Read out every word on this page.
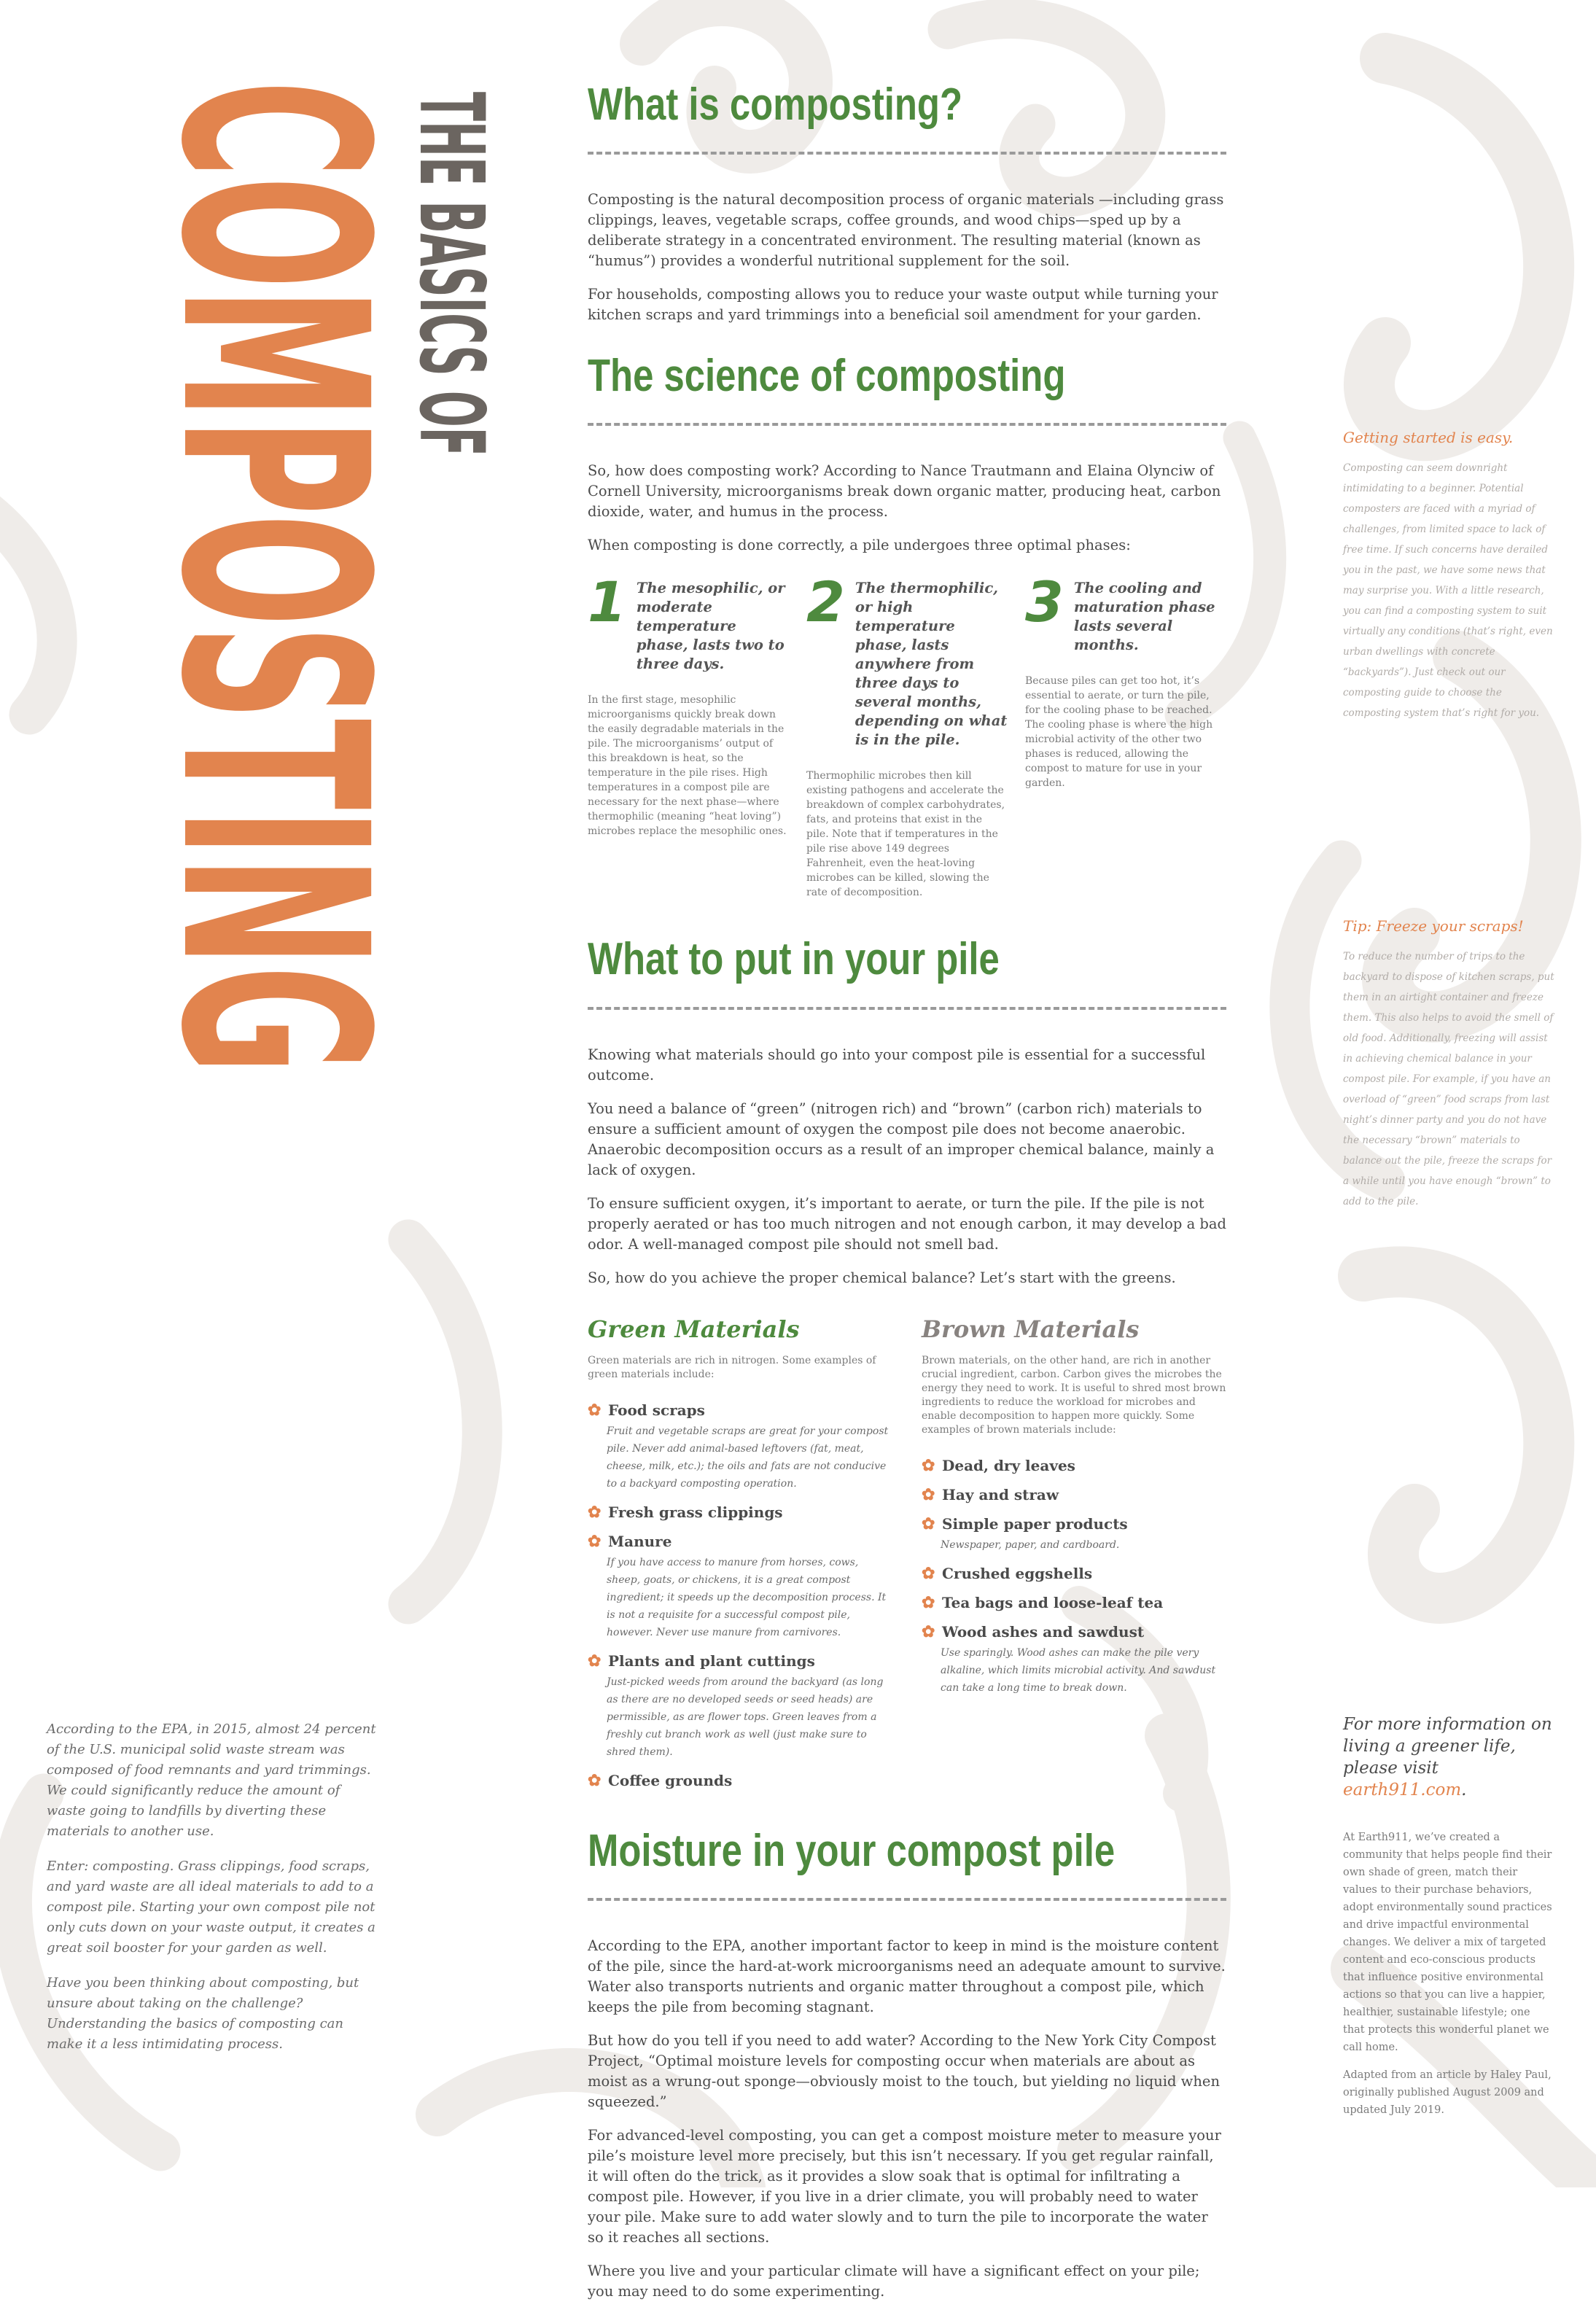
COMPOSTING
THE BASICS OF What is composting?

Composting is the natural decomposition process of organic materials —including grass clippings, leaves, vegetable scraps, coffee grounds, and wood chips—sped up by a deliberate strategy in a concentrated environment. The resulting material (known as “humus”) provides a wonderful nutritional supplement for the soil.

For households, composting allows you to reduce your waste output while turning your kitchen scraps and yard trimmings into a beneficial soil amendment for your garden.

The science of composting

So, how does composting work? According to Nance Trautmann and Elaina Olynciw of Cornell University, microorganisms break down organic matter, producing heat, carbon dioxide, water, and humus in the process.

When composting is done correctly, a pile undergoes three optimal phases:

1 The mesophilic, or moderate temperature phase, lasts two to three days.
In the first stage, mesophilic microorganisms quickly break down the easily degradable materials in the pile. The microorganisms’ output of this breakdown is heat, so the temperature in the pile rises. High temperatures in a compost pile are necessary for the next phase—where thermophilic (meaning “heat loving”) microbes replace the mesophilic ones.
2 The thermophilic, or high temperature phase, lasts anywhere from three days to several months, depending on what is in the pile.
Thermophilic microbes then kill existing pathogens and accelerate the breakdown of complex carbohydrates, fats, and proteins that exist in the pile. Note that if temperatures in the pile rise above 149 degrees Fahrenheit, even the heat-loving microbes can be killed, slowing the rate of decomposition.
3 The cooling and maturation phase lasts several months.
Because piles can get too hot, it’s essential to aerate, or turn the pile, for the cooling phase to be reached. The cooling phase is where the high microbial activity of the other two phases is reduced, allowing the compost to mature for use in your garden.
What to put in your pile

Knowing what materials should go into your compost pile is essential for a successful outcome.

You need a balance of “green” (nitrogen rich) and “brown” (carbon rich) materials to ensure a sufficient amount of oxygen the compost pile does not become anaerobic. Anaerobic decomposition occurs as a result of an improper chemical balance, mainly a lack of oxygen.

To ensure sufficient oxygen, it’s important to aerate, or turn the pile. If the pile is not properly aerated or has too much nitrogen and not enough carbon, it may develop a bad odor. A well-managed compost pile should not smell bad.

So, how do you achieve the proper chemical balance? Let’s start with the greens.

Green Materials
Green materials are rich in nitrogen. Some examples of green materials include:
✿ Food scraps
Fruit and vegetable scraps are great for your compost pile. Never add animal-based leftovers (fat, meat, cheese, milk, etc.); the oils and fats are not conducive to a backyard composting operation.
✿ Fresh grass clippings
✿ Manure
If you have access to manure from horses, cows, sheep, goats, or chickens, it is a great compost ingredient; it speeds up the decomposition process. It is not a requisite for a successful compost pile, however. Never use manure from carnivores.
✿ Plants and plant cuttings
Just-picked weeds from around the backyard (as long as there are no developed seeds or seed heads) are permissible, as are flower tops. Green leaves from a freshly cut branch work as well (just make sure to shred them).
✿ Coffee grounds
Brown Materials
Brown materials, on the other hand, are rich in another crucial ingredient, carbon. Carbon gives the microbes the energy they need to work. It is useful to shred most brown ingredients to reduce the workload for microbes and enable decomposition to happen more quickly. Some examples of brown materials include:
✿ Dead, dry leaves
✿ Hay and straw
✿ Simple paper products
Newspaper, paper, and cardboard.
✿ Crushed eggshells
✿ Tea bags and loose-leaf tea
✿ Wood ashes and sawdust
Use sparingly. Wood ashes can make the pile very alkaline, which limits microbial activity. And sawdust can take a long time to break down.
Moisture in your compost pile

According to the EPA, another important factor to keep in mind is the moisture content of the pile, since the hard-at-work microorganisms need an adequate amount to survive. Water also transports nutrients and organic matter throughout a compost pile, which keeps the pile from becoming stagnant.

But how do you tell if you need to add water? According to the New York City Compost Project, “Optimal moisture levels for composting occur when materials are about as moist as a wrung-out sponge—obviously moist to the touch, but yielding no liquid when squeezed.”

For advanced-level composting, you can get a compost moisture meter to measure your pile’s moisture level more precisely, but this isn’t necessary. If you get regular rainfall, it will often do the trick, as it provides a slow soak that is optimal for infiltrating a compost pile. However, if you live in a drier climate, you will probably need to water your pile. Make sure to add water slowly and to turn the pile to incorporate the water so it reaches all sections.

Where you live and your particular climate will have a significant effect on your pile; you may need to do some experimenting.

Getting started is easy.

Composting can seem downright intimidating to a beginner. Potential composters are faced with a myriad of challenges, from limited space to lack of free time. If such concerns have derailed you in the past, we have some news that may surprise you. With a little research, you can find a composting system to suit virtually any conditions (that’s right, even urban dwellings with concrete “backyards”). Just check out our composting guide to choose the composting system that’s right for you.

Tip: Freeze your scraps!

To reduce the number of trips to the backyard to dispose of kitchen scraps, put them in an airtight container and freeze them. This also helps to avoid the smell of old food. Additionally, freezing will assist in achieving chemical balance in your compost pile. For example, if you have an overload of “green” food scraps from last night’s dinner party and you do not have the necessary “brown” materials to balance out the pile, freeze the scraps for a while until you have enough “brown” to add to the pile.

According to the EPA, in 2015, almost 24 percent of the U.S. municipal solid waste stream was composed of food remnants and yard trimmings. We could significantly reduce the amount of waste going to landfills by diverting these materials to another use.

Enter: composting. Grass clippings, food scraps, and yard waste are all ideal materials to add to a compost pile. Starting your own compost pile not only cuts down on your waste output, it creates a great soil booster for your garden as well.

Have you been thinking about composting, but unsure about taking on the challenge? Understanding the basics of composting can make it a less intimidating process.

For more information on living a greener life, please visit earth911.com.

At Earth911, we’ve created a community that helps people find their own shade of green, match their values to their purchase behaviors, adopt environmentally sound practices and drive impactful environmental changes. We deliver a mix of targeted content and eco-conscious products that influence positive environmental actions so that you can live a happier, healthier, sustainable lifestyle; one that protects this wonderful planet we call home.

Adapted from an article by Haley Paul, originally published August 2009 and updated July 2019.
